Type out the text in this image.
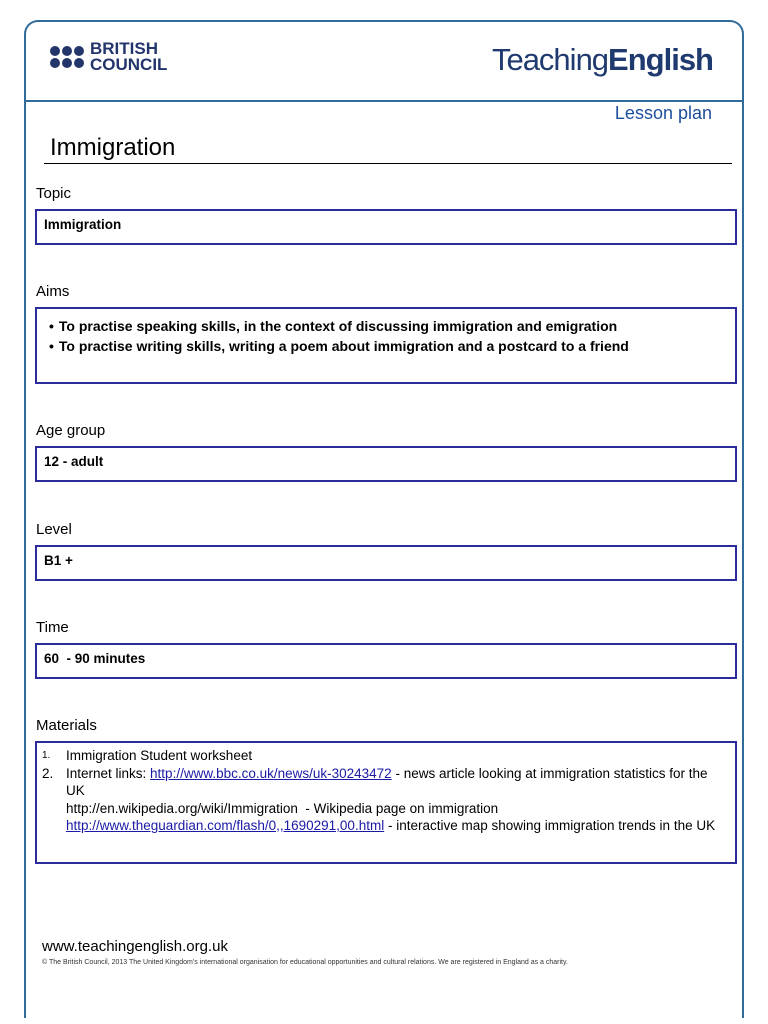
BRITISH
COUNCIL	TeachingEnglish
Lesson plan
Immigration
Topic
Immigration
Aims
• To practise speaking skills, in the context of discussing immigration and emigration
• To practise writing skills, writing a poem about immigration and a postcard to a friend
Age group
12 - adult
Level
B1 +
Time
60  - 90 minutes
Materials
1.	Immigration Student worksheet
2. Internet links: http://www.bbc.co.uk/news/uk-30243472 - news article looking at immigration statistics for the UK
http://en.wikipedia.org/wiki/Immigration  - Wikipedia page on immigration
http://www.theguardian.com/flash/0,,1690291,00.html - interactive map showing immigration trends in the UK
www.teachingenglish.org.uk
© The British Council, 2013 The United Kingdom’s international organisation for educational opportunities and cultural relations. We are registered in England as a charity.
